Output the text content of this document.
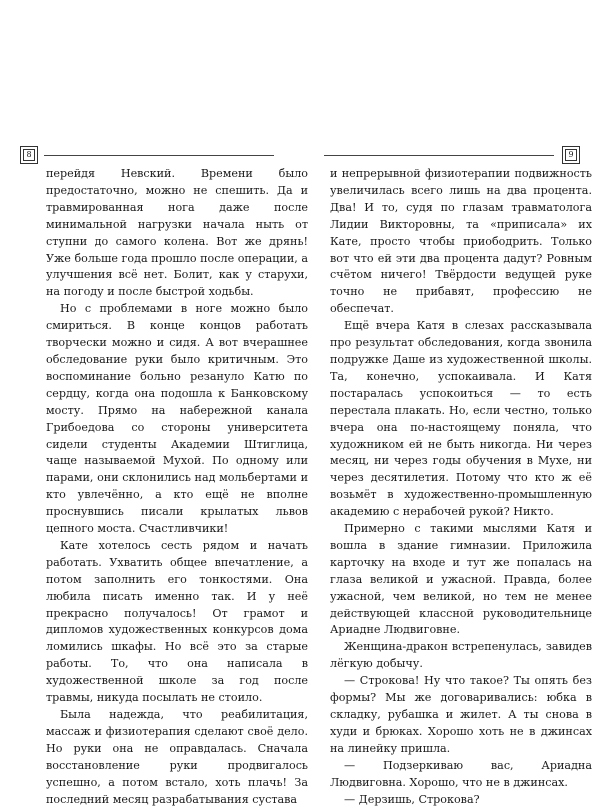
8	9

перейдя Невский. Времени было предостаточно, можно не спешить. Да и травмированная нога даже после минимальной нагрузки начала ныть от ступни до самого колена. Вот же дрянь! Уже больше года прошло после операции, а улучшения всё нет. Болит, как у старухи, на погоду и после быстрой ходьбы.

Но с проблемами в ноге можно было смириться. В конце концов работать творчески можно и сидя. А вот вчерашнее обследование руки было критичным. Это воспоминание больно резануло Катю по сердцу, когда она подошла к Банковскому мосту. Прямо на набережной канала Грибоедова со стороны университета сидели студенты Академии Штиглица, чаще называемой Мухой. По одному или парами, они склонились над мольбертами и кто увлечённо, а кто ещё не вполне проснувшись писали крылатых львов цепного моста. Счастливчики!

Кате хотелось сесть рядом и начать работать. Ухватить общее впечатление, а потом заполнить его тонкостями. Она любила писать именно так. И у неё прекрасно получалось! От грамот и дипломов художественных конкурсов дома ломились шкафы. Но всё это за старые работы. То, что она написала в художественной школе за год после травмы, никуда посылать не стоило.

Была надежда, что реабилитация, массаж и физиотерапия сделают своё дело. Но руки она не оправдалась. Сначала восстановление руки продвигалось успешно, а потом встало, хоть плачь! За последний месяц разрабатывания сустава

и непрерывной физиотерапии подвижность увеличилась всего лишь на два процента. Два! И то, судя по глазам травматолога Лидии Викторовны, та «приписала» их Кате, просто чтобы приободрить. Только вот что ей эти два процента дадут? Ровным счётом ничего! Твёрдости ведущей руке точно не прибавят, профессию не обеспечат.

Ещё вчера Катя в слезах рассказывала про результат обследования, когда звонила подружке Даше из художественной школы. Та, конечно, успокаивала. И Катя постаралась успокоиться — то есть перестала плакать. Но, если честно, только вчера она по-настоящему поняла, что художником ей не быть никогда. Ни через месяц, ни через годы обучения в Мухе, ни через десятилетия. Потому что кто ж её возьмёт в художественно-промышленную академию с нерабочей рукой? Никто.

Примерно с такими мыслями Катя и вошла в здание гимназии. Приложила карточку на входе и тут же попалась на глаза великой и ужасной. Правда, более ужасной, чем великой, но тем не менее действующей классной руководительнице Ариадне Людвиговне.

Женщина-дракон встрепенулась, завидев лёгкую добычу.

— Строкова! Ну что такое? Ты опять без формы? Мы же договаривались: юбка в складку, рубашка и жилет. А ты снова в худи и брюках. Хорошо хоть не в джинсах на линейку пришла.

— Подзеркиваю вас, Ариадна Людвиговна. Хорошо, что не в джинсах.

— Дерзишь, Строкова?
